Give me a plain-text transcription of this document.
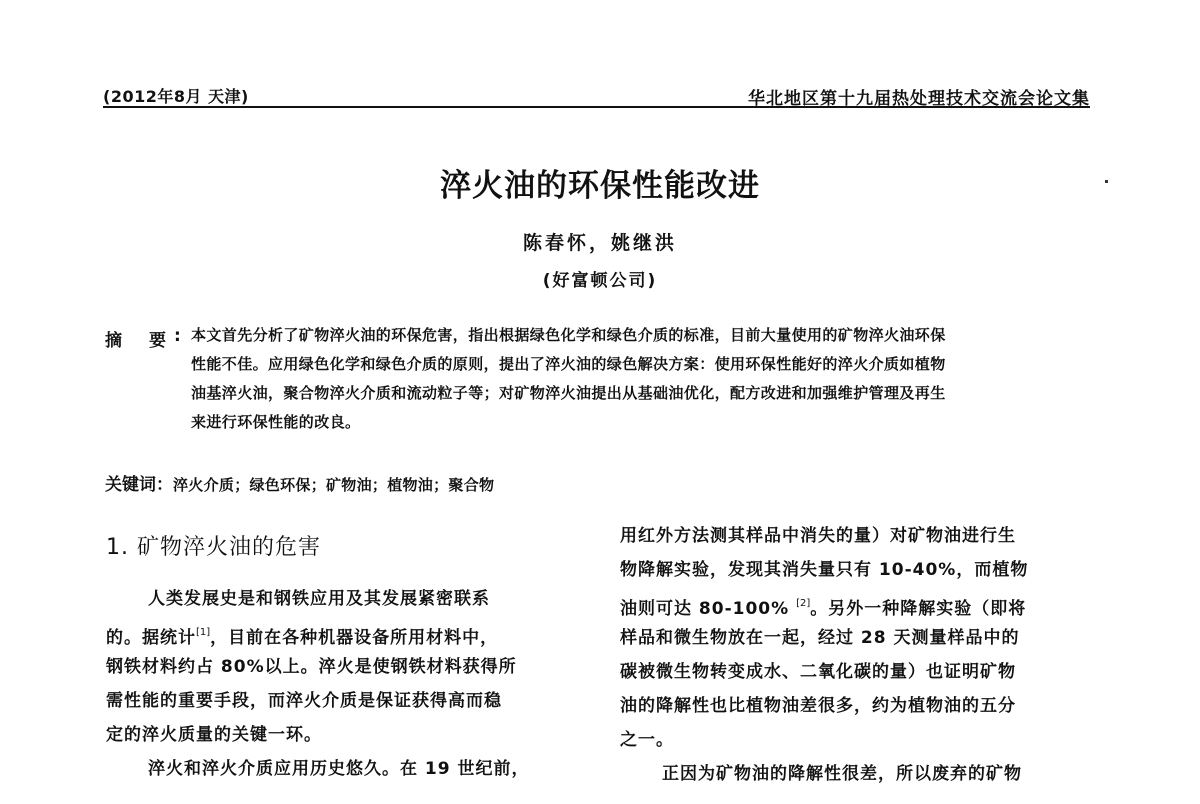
(2012年8月 天津)	华北地区第十九届热处理技术交流会论文集
淬火油的环保性能改进
陈春怀，姚继洪
(好富顿公司)
摘 要 : 本文首先分析了矿物淬火油的环保危害，指出根据绿色化学和绿色介质的标准，目前大量使用的矿物淬火油环保
性能不佳。应用绿色化学和绿色介质的原则，提出了淬火油的绿色解决方案：使用环保性能好的淬火介质如植物
油基淬火油，聚合物淬火介质和流动粒子等；对矿物淬火油提出从基础油优化，配方改进和加强维护管理及再生
来进行环保性能的改良。
关键词：淬火介质；绿色环保；矿物油；植物油；聚合物
1. 矿物淬火油的危害
人类发展史是和钢铁应用及其发展紧密联系
的。据统计[1]，目前在各种机器设备所用材料中，
钢铁材料约占 80%以上。淬火是使钢铁材料获得所
需性能的重要手段，而淬火介质是保证获得高而稳
定的淬火质量的关键一环。
淬火和淬火介质应用历史悠久。在 19 世纪前，
用红外方法测其样品中消失的量）对矿物油进行生
物降解实验，发现其消失量只有 10-40%，而植物
油则可达 80-100% [2]。另外一种降解实验（即将
样品和微生物放在一起，经过 28 天测量样品中的
碳被微生物转变成水、二氧化碳的量）也证明矿物
油的降解性也比植物油差很多，约为植物油的五分
之一。
正因为矿物油的降解性很差，所以废弃的矿物
